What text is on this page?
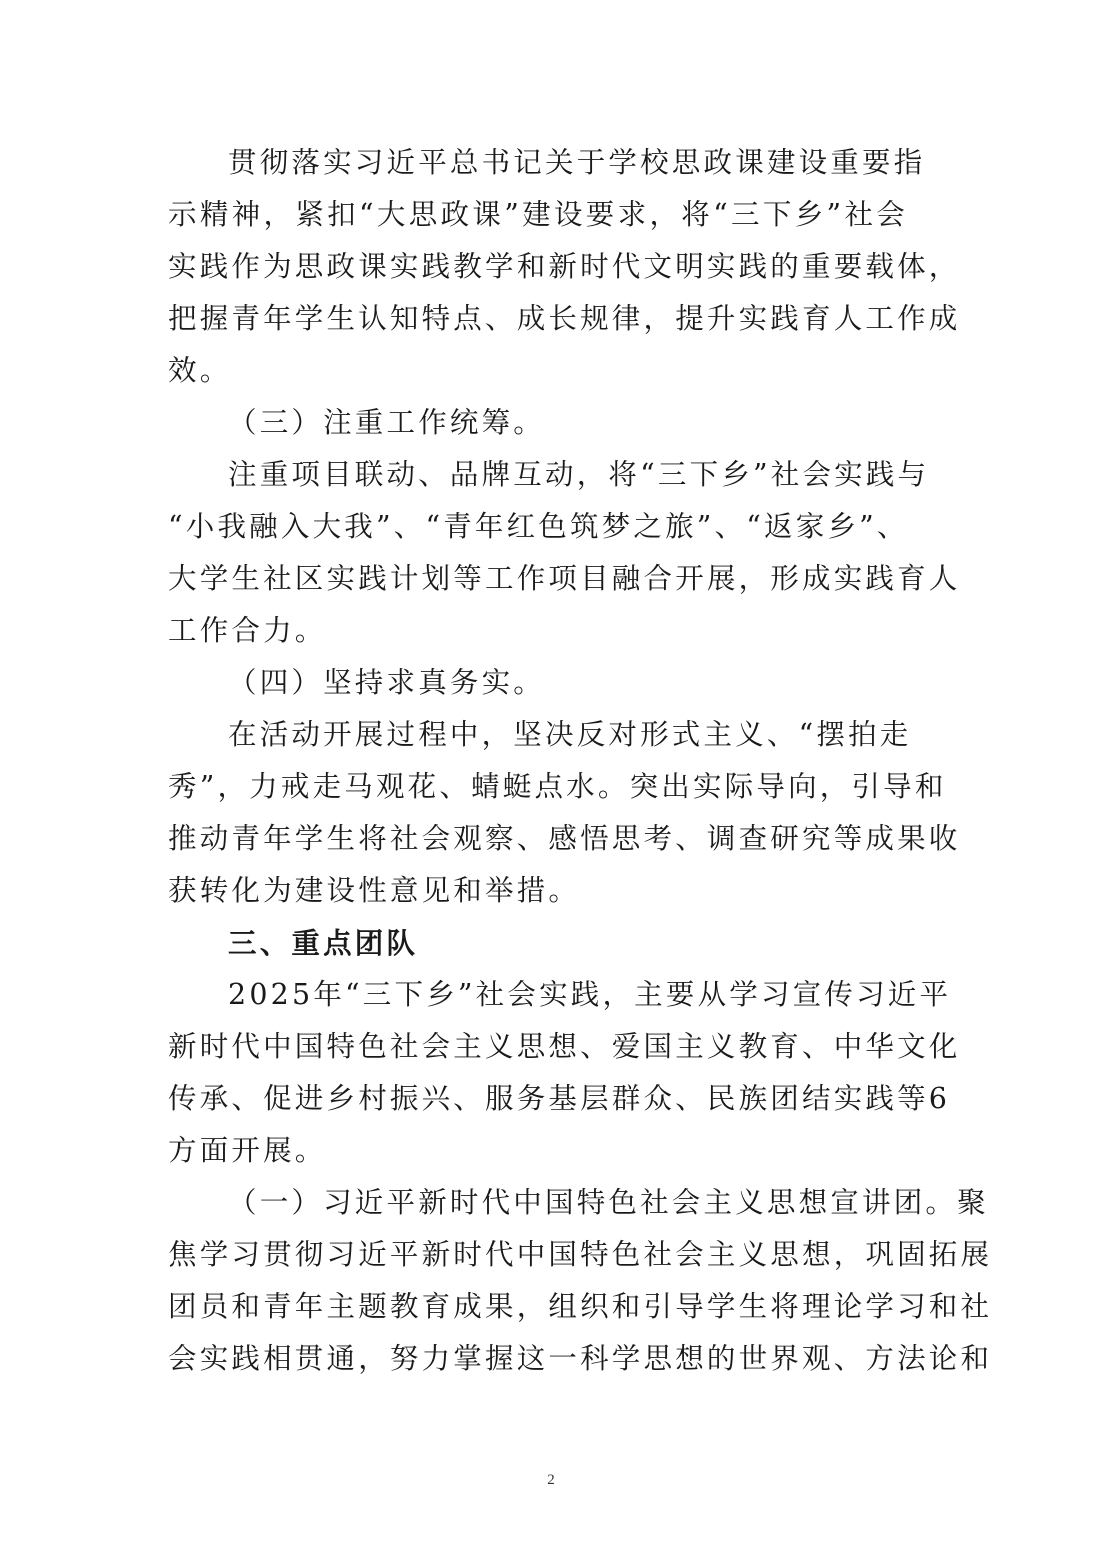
贯彻落实习近平总书记关于学校思政课建设重要指
示精神，紧扣“大思政课”建设要求，将“三下乡”社会
实践作为思政课实践教学和新时代文明实践的重要载体，
把握青年学生认知特点、成长规律，提升实践育人工作成
效。
（三）注重工作统筹。
注重项目联动、品牌互动，将“三下乡”社会实践与
“小我融入大我”、“青年红色筑梦之旅”、“返家乡”、
大学生社区实践计划等工作项目融合开展，形成实践育人
工作合力。
（四）坚持求真务实。
在活动开展过程中，坚决反对形式主义、“摆拍走
秀”，力戒走马观花、蜻蜓点水。突出实际导向，引导和
推动青年学生将社会观察、感悟思考、调查研究等成果收
获转化为建设性意见和举措。
三、重点团队
2025年“三下乡”社会实践，主要从学习宣传习近平
新时代中国特色社会主义思想、爱国主义教育、中华文化
传承、促进乡村振兴、服务基层群众、民族团结实践等6
方面开展。
（一）习近平新时代中国特色社会主义思想宣讲团。聚
焦学习贯彻习近平新时代中国特色社会主义思想，巩固拓展
团员和青年主题教育成果，组织和引导学生将理论学习和社
会实践相贯通，努力掌握这一科学思想的世界观、方法论和
2
